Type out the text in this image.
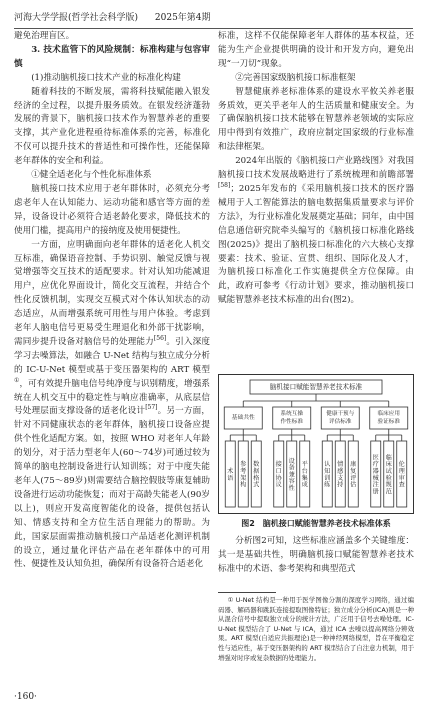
河海大学学报(哲学社会科学版) 2025年第4期

避免治理盲区。

3. 技术监管下的风险规制：标准构建与包容审慎

(1)推动脑机接口技术产业的标准化构建

随着科技的不断发展，需将科技赋能融入银发经济的全过程，以提升服务质效。在银发经济蓬勃发展的背景下，脑机接口技术作为智慧养老的重要支撑，其产业化进程亟待标准体系的完善，标准化不仅可以提升技术的普适性和可操作性，还能保障老年群体的安全和利益。

①健全适老化与个性化标准体系

脑机接口技术应用于老年群体时，必须充分考虑老年人在认知能力、运动功能和感官等方面的差异，设备设计必须符合适老龄化要求，降低技术的使用门槛，提高用户的接纳度及使用便捷性。

一方面，应明确面向老年群体的适老化人机交互标准，确保语音控制、手势识别、触觉反馈与视觉增强等交互技术的适配要求。针对认知功能减退用户，应优化界面设计，简化交互流程，并结合个性化反馈机制，实现交互模式对个体认知状态的动态适应，从而增强系统可用性与用户体验。考虑到老年人脑电信号更易受生理退化和外部干扰影响，需同步提升设备对脑信号的处理能力[56]。引入深度学习去噪算法，如融合 U-Net 结构与独立成分分析的 IC-U-Net 模型或基于变压器架构的 ART 模型①，可有效提升脑电信号纯净度与识别精度，增强系统在人机交互中的稳定性与响应准确率，从底层信号处理层面支撑设备的适老化设计[57]。另一方面，针对不同健康状态的老年群体，脑机接口设备应提供个性化适配方案。如，按照 WHO 对老年人年龄的划分，对于活力型老年人(60～74岁)可通过较为简单的脑电控制设备进行认知训练；对于中度失能老年人(75～89岁)则需要结合脑控假肢等康复辅助设备进行运动功能恢复；而对于高龄失能老人(90岁以上)，则应开发高度智能化的设备，提供包括认知、情感支持和全方位生活自理能力的帮助。为此，国家层面需推动脑机接口产品适老化测评机制的设立，通过量化评估产品在老年群体中的可用性、便捷性及认知负担，确保所有设备符合适老化

标准，这样不仅能保障老年人群体的基本权益，还能为生产企业提供明确的设计和开发方向，避免出现“一刀切”现象。

②完善国家级脑机接口标准框架

智慧健康养老标准体系的建设水平攸关养老服务质效，更关乎老年人的生活质量和健康安全。为了确保脑机接口技术能够在智慧养老领域的实际应用中得到有效推广，政府应制定国家级的行业标准和法律框架。

2024年出版的《脑机接口产业路线图》对我国脑机接口技术发展战略进行了系统梳理和前瞻部署[58]；2025年发布的《采用脑机接口技术的医疗器械用于人工智能算法的脑电数据集质量要求与评价方法》，为行业标准化发展奠定基础；同年，由中国信息通信研究院牵头编写的《脑机接口标准化路线图(2025)》提出了脑机接口标准化的六大核心支撑要素：技术、验证、宣贯、组织、国际化及人才，为脑机接口标准化工作实施提供全方位保障。由此，政府可参考《行动计划》要求，推动脑机接口赋能智慧养老技术标准的出台(图2)。

脑机接口赋能智慧养老技术标准
基础共性
术语
参考架构
数据格式
系统互操
作性标准
接口协议
设备兼容性
平台集成
健康干预与
评估标准
认知训练
情感支持
康复评估
临床应用
验证标准
医疗器械注册
临床试验规范
伦理审查
图2　脑机接口赋能智慧养老技术标准体系

分析图2可知，这些标准应涵盖多个关键维度：其一是基础共性，明确脑机接口赋能智慧养老技术标准中的术语、参考架构和典型范式

① U-Net 结构是一种用于医学图像分割的深度学习网络，通过编码器、解码器和跳跃连接提取图像特征；独立成分分析(ICA)则是一种从混合信号中提取独立成分的统计方法，广泛用于信号去噪处理。IC-U-Net 模型结合了 U-Net 与 ICA，通过 ICA 去噪以提高网络分辨效果。ART 模型(自适应共振理论)是一种神经网络模型，旨在平衡稳定性与适应性，基于变压器架构的 ART 模型结合了自注意力机制，用于增强对时序或复杂数据的处理能力。

·160·
